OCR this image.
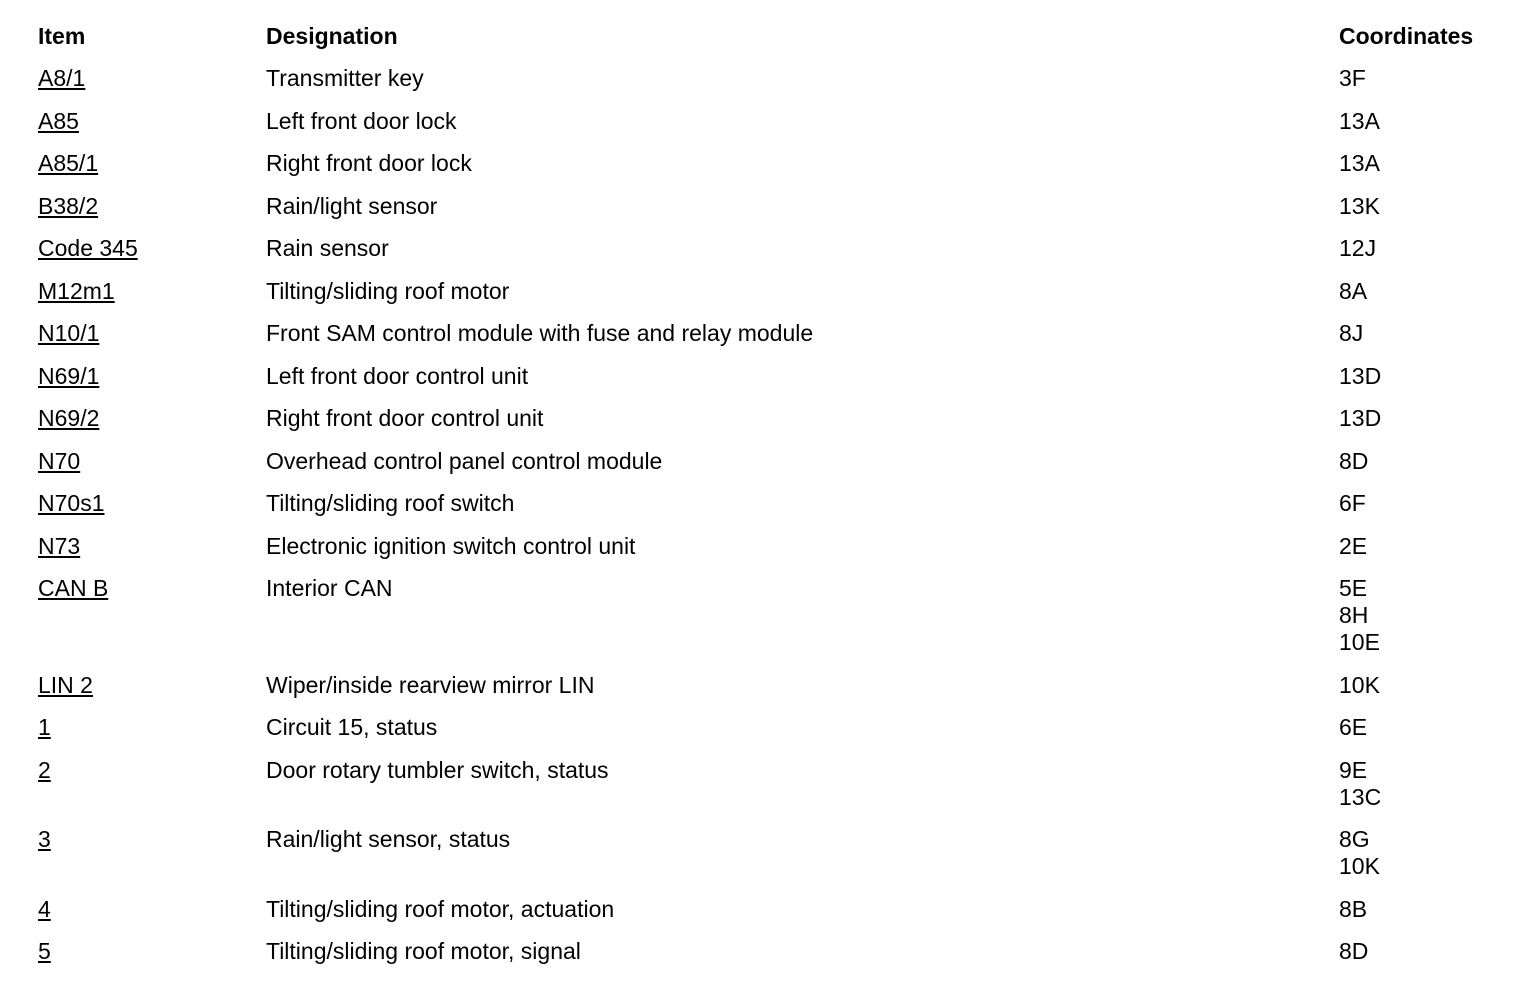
Item	Designation	Coordinates
A8/1	Transmitter key	3F

A85	Left front door lock	13A

A85/1	Right front door lock	13A

B38/2	Rain/light sensor	13K

Code 345	Rain sensor	12J

M12m1	Tilting/sliding roof motor	8A

N10/1	Front SAM control module with fuse and relay module	8J

N69/1	Left front door control unit	13D

N69/2	Right front door control unit	13D

N70	Overhead control panel control module	8D

N70s1	Tilting/sliding roof switch	6F

N73	Electronic ignition switch control unit	2E

CAN B	Interior CAN	5E
8H
10E

LIN 2	Wiper/inside rearview mirror LIN	10K

1	Circuit 15, status	6E

2	Door rotary tumbler switch, status	9E
13C

3	Rain/light sensor, status	8G
10K

4	Tilting/sliding roof motor, actuation	8B

5	Tilting/sliding roof motor, signal	8D
